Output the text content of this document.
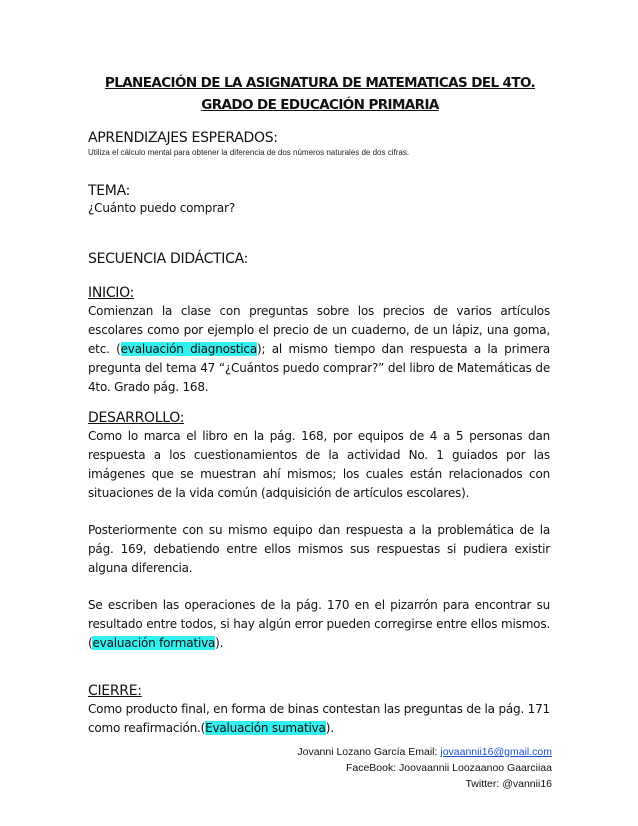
PLANEACIÓN DE LA ASIGNATURA DE MATEMATICAS DEL 4TO.
GRADO DE EDUCACIÓN PRIMARIA
APRENDIZAJES ESPERADOS:
Utiliza el cálculo mental para obtener la diferencia de dos números naturales de dos cifras.
TEMA:
¿Cuánto puedo comprar?
SECUENCIA DIDÁCTICA:
INICIO:
Comienzan la clase con preguntas sobre los precios de varios artículos escolares como por ejemplo el precio de un cuaderno, de un lápiz, una goma, etc. (evaluación diagnostica); al mismo tiempo dan respuesta a la primera pregunta del tema 47 “¿Cuántos puedo comprar?” del libro de Matemáticas de 4to. Grado pág. 168.
DESARROLLO:
Como lo marca el libro en la pág. 168, por equipos de 4 a 5 personas dan respuesta a los cuestionamientos de la actividad No. 1 guiados por las imágenes que se muestran ahí mismos; los cuales están relacionados con situaciones de la vida común (adquisición de artículos escolares).
Posteriormente con su mismo equipo dan respuesta a la problemática de la pág. 169, debatiendo entre ellos mismos sus respuestas si pudiera existir alguna diferencia.
Se escriben las operaciones de la pág. 170 en el pizarrón para encontrar su resultado entre todos, si hay algún error pueden corregirse entre ellos mismos. (evaluación formativa).
CIERRE:
Como producto final, en forma de binas contestan las preguntas de la pág. 171 como reafirmación.(Evaluación sumativa).
Jovanni Lozano García Email: jovaannii16@gmail.com
FaceBook: Joovaannii Loozaanoo Gaarciiaa
Twitter: @vannii16
